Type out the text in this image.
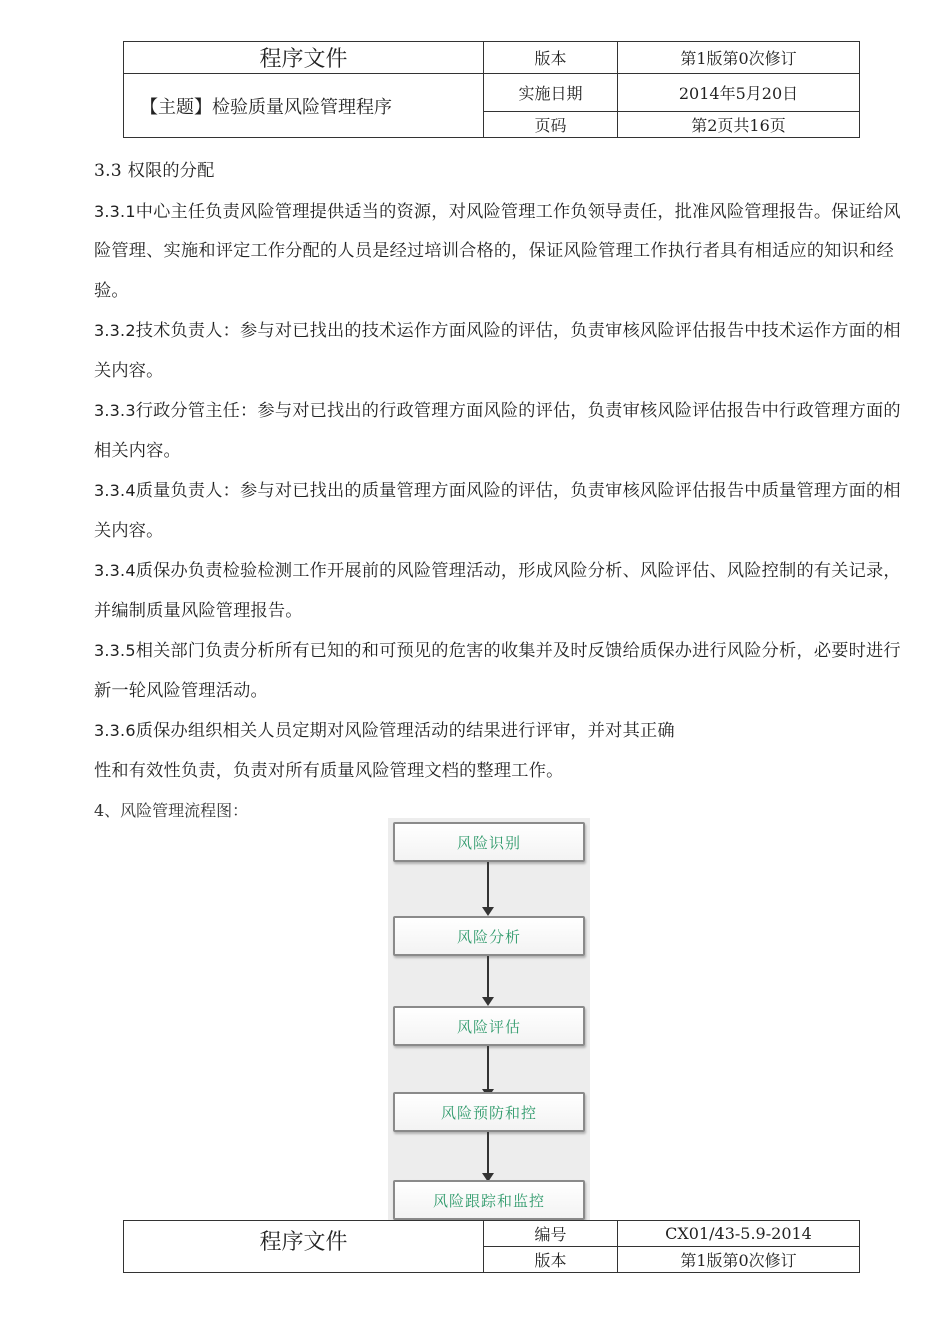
程序文件	版本	第1版第0次修订
【主题】检验质量风险管理程序	实施日期	2014年5月20日
	页码	第2页共16页

3.3 权限的分配

3.3.1中心主任负责风险管理提供适当的资源，对风险管理工作负领导责任，批准风险管理报告。保证给风险管理、实施和评定工作分配的人员是经过培训合格的，保证风险管理工作执行者具有相适应的知识和经验。

3.3.2技术负责人：参与对已找出的技术运作方面风险的评估，负责审核风险评估报告中技术运作方面的相关内容。

3.3.3行政分管主任：参与对已找出的行政管理方面风险的评估，负责审核风险评估报告中行政管理方面的相关内容。

3.3.4质量负责人：参与对已找出的质量管理方面风险的评估，负责审核风险评估报告中质量管理方面的相关内容。

3.3.4质保办负责检验检测工作开展前的风险管理活动，形成风险分析、风险评估、风险控制的有关记录，并编制质量风险管理报告。

3.3.5相关部门负责分析所有已知的和可预见的危害的收集并及时反馈给质保办进行风险分析，必要时进行新一轮风险管理活动。

3.3.6质保办组织相关人员定期对风险管理活动的结果进行评审，并对其正确

性和有效性负责，负责对所有质量风险管理文档的整理工作。

4、风险管理流程图：

风险识别
风险分析
风险评估
风险预防和控
风险跟踪和监控
程序文件	编号	CX01/43-5.9-2014
	版本	第1版第0次修订
